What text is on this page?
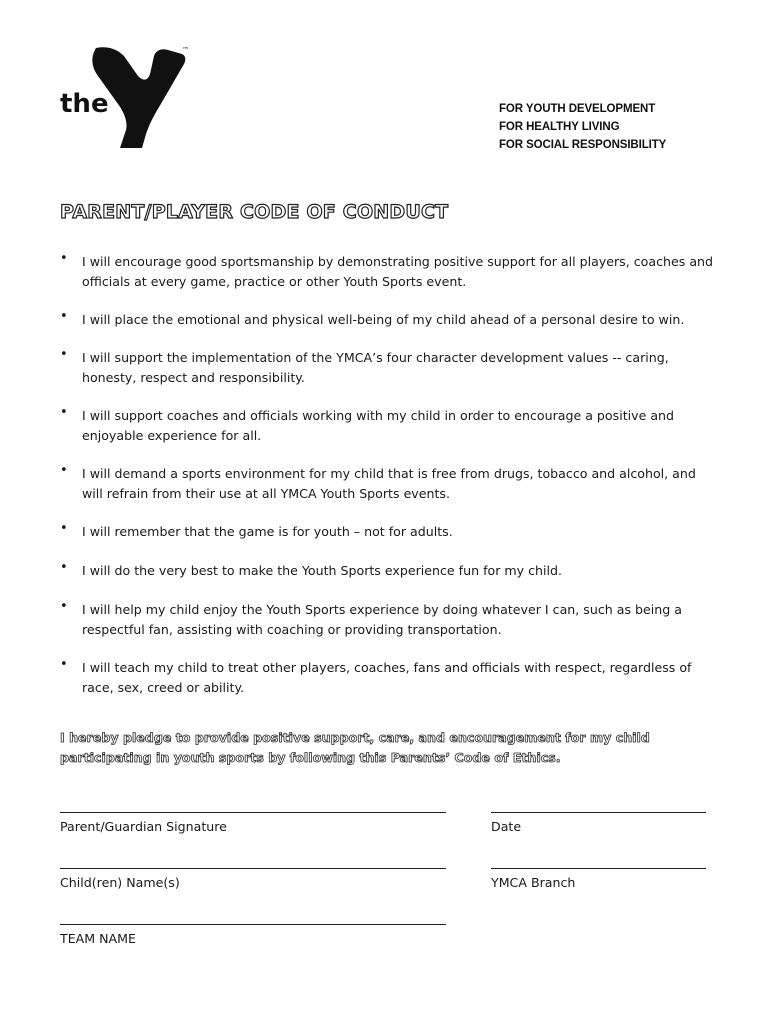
the
YMCA
™
FOR YOUTH DEVELOPMENT
FOR HEALTHY LIVING
FOR SOCIAL RESPONSIBILITY
PARENT/PLAYER CODE OF CONDUCT
• I will encourage good sportsmanship by demonstrating positive support for all players, coaches and officials at every game, practice or other Youth Sports event.
• I will place the emotional and physical well-being of my child ahead of a personal desire to win.
• I will support the implementation of the YMCA’s four character development values -- caring, honesty, respect and responsibility.
• I will support coaches and officials working with my child in order to encourage a positive and enjoyable experience for all.
• I will demand a sports environment for my child that is free from drugs, tobacco and alcohol, and will refrain from their use at all YMCA Youth Sports events.
• I will remember that the game is for youth – not for adults.
• I will do the very best to make the Youth Sports experience fun for my child.
• I will help my child enjoy the Youth Sports experience by doing whatever I can, such as being a respectful fan, assisting with coaching or providing transportation.
• I will teach my child to treat other players, coaches, fans and officials with respect, regardless of race, sex, creed or ability.

I hereby pledge to provide positive support, care, and encouragement for my child participating in youth sports by following this Parents’ Code of Ethics.

Parent/Guardian Signature	Date
Child(ren) Name(s)	YMCA Branch
TEAM NAME
